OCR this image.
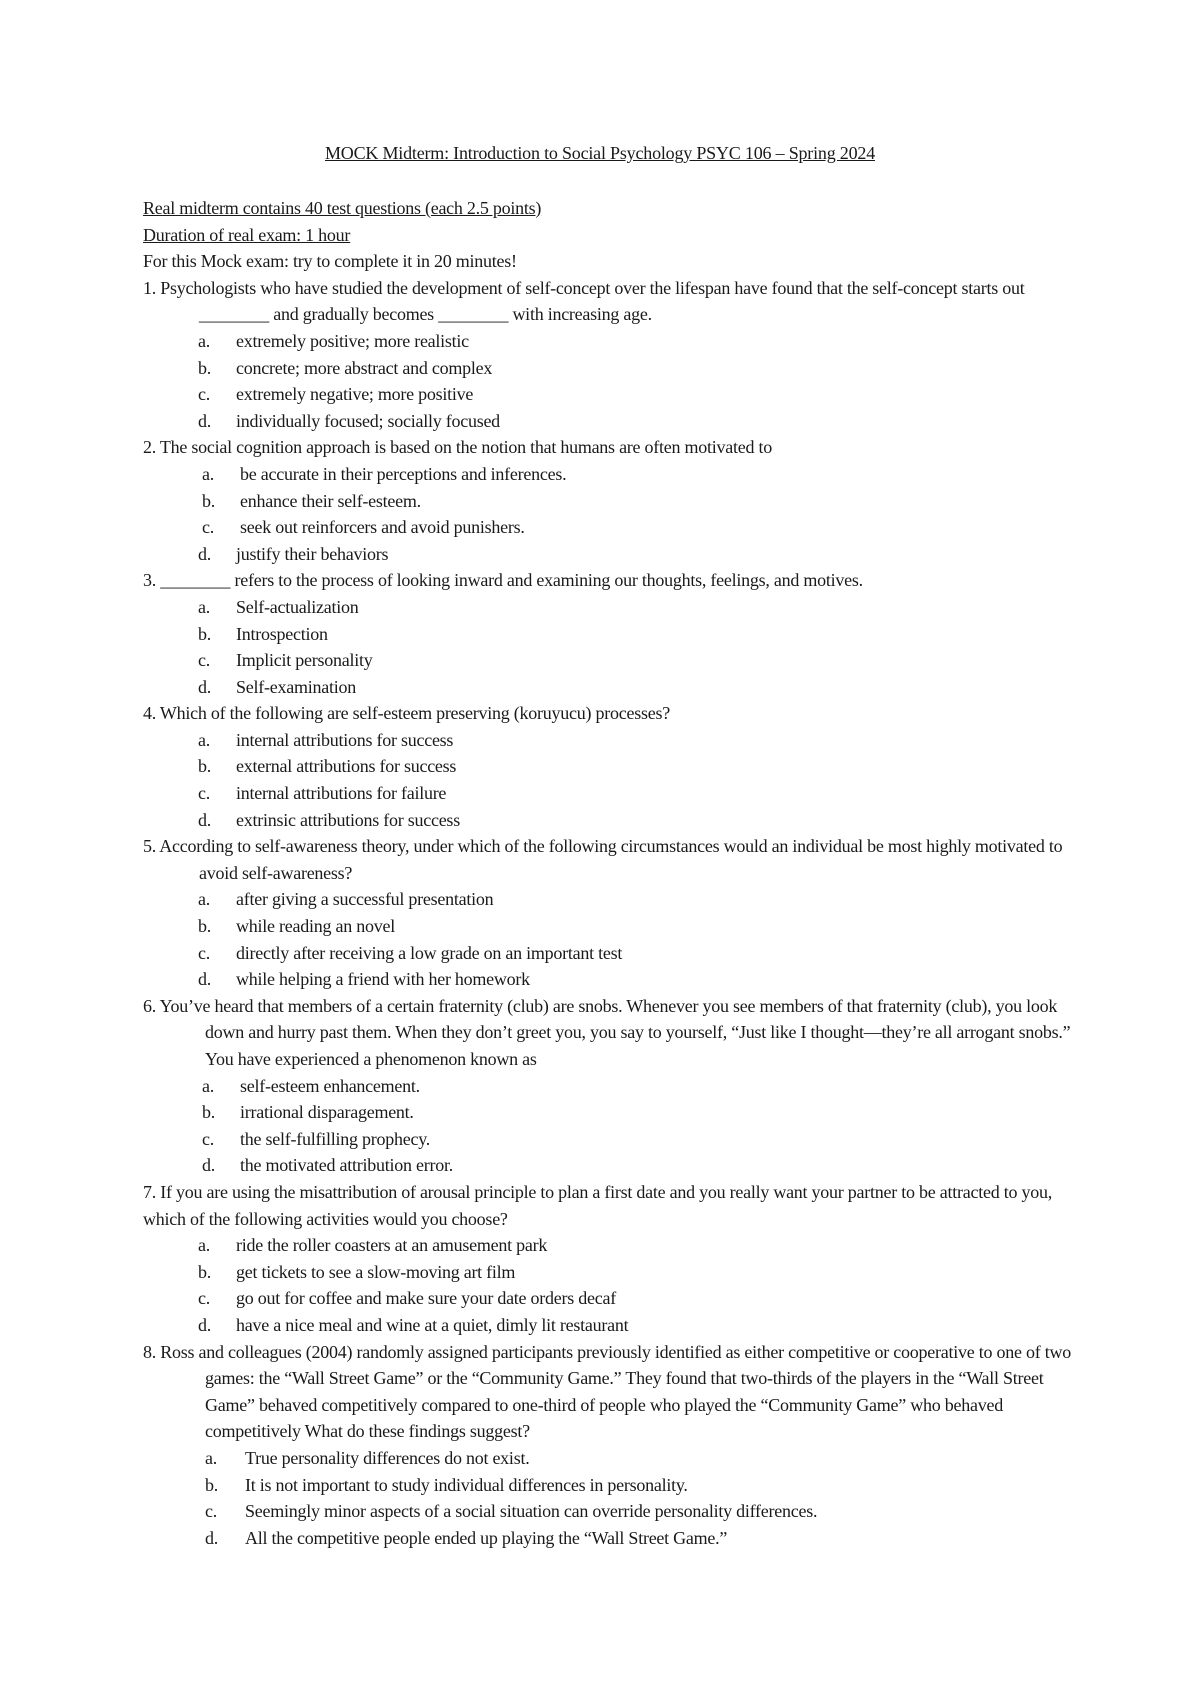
MOCK Midterm: Introduction to Social Psychology PSYC 106 – Spring 2024
Real midterm contains 40 test questions (each 2.5 points)
Duration of real exam: 1 hour
For this Mock exam: try to complete it in 20 minutes!
1. Psychologists who have studied the development of self-concept over the lifespan have found that the self-concept starts out ________ and gradually becomes ________ with increasing age.
a.	extremely positive; more realistic
b.	concrete; more abstract and complex
c.	extremely negative; more positive
d.	individually focused; socially focused
2. The social cognition approach is based on the notion that humans are often motivated to
a.	be accurate in their perceptions and inferences.
b.	enhance their self-esteem.
c.	seek out reinforcers and avoid punishers.
d.	justify their behaviors
3. ________ refers to the process of looking inward and examining our thoughts, feelings, and motives.
a.	Self-actualization
b.	Introspection
c.	Implicit personality
d.	Self-examination
4. Which of the following are self-esteem preserving (koruyucu) processes?
a.	internal attributions for success
b.	external attributions for success
c.	internal attributions for failure
d.	extrinsic attributions for success
5. According to self-awareness theory, under which of the following circumstances would an individual be most highly motivated to avoid self-awareness?
a.	after giving a successful presentation
b.	while reading an novel
c.	directly after receiving a low grade on an important test
d.	while helping a friend with her homework
6. You’ve heard that members of a certain fraternity (club) are snobs. Whenever you see members of that fraternity (club), you look down and hurry past them. When they don’t greet you, you say to yourself, “Just like I thought—they’re all arrogant snobs.” You have experienced a phenomenon known as
a.	self-esteem enhancement.
b.	irrational disparagement.
c.	the self-fulfilling prophecy.
d.	the motivated attribution error.
7. If you are using the misattribution of arousal principle to plan a first date and you really want your partner to be attracted to you, which of the following activities would you choose?
a.	ride the roller coasters at an amusement park
b.	get tickets to see a slow-moving art film
c.	go out for coffee and make sure your date orders decaf
d.	have a nice meal and wine at a quiet, dimly lit restaurant
8. Ross and colleagues (2004) randomly assigned participants previously identified as either competitive or cooperative to one of two games: the “Wall Street Game” or the “Community Game.” They found that two-thirds of the players in the “Wall Street Game” behaved competitively compared to one-third of people who played the “Community Game” who behaved competitively What do these findings suggest?
a.	True personality differences do not exist.
b.	It is not important to study individual differences in personality.
c.	Seemingly minor aspects of a social situation can override personality differences.
d.	All the competitive people ended up playing the “Wall Street Game.”
